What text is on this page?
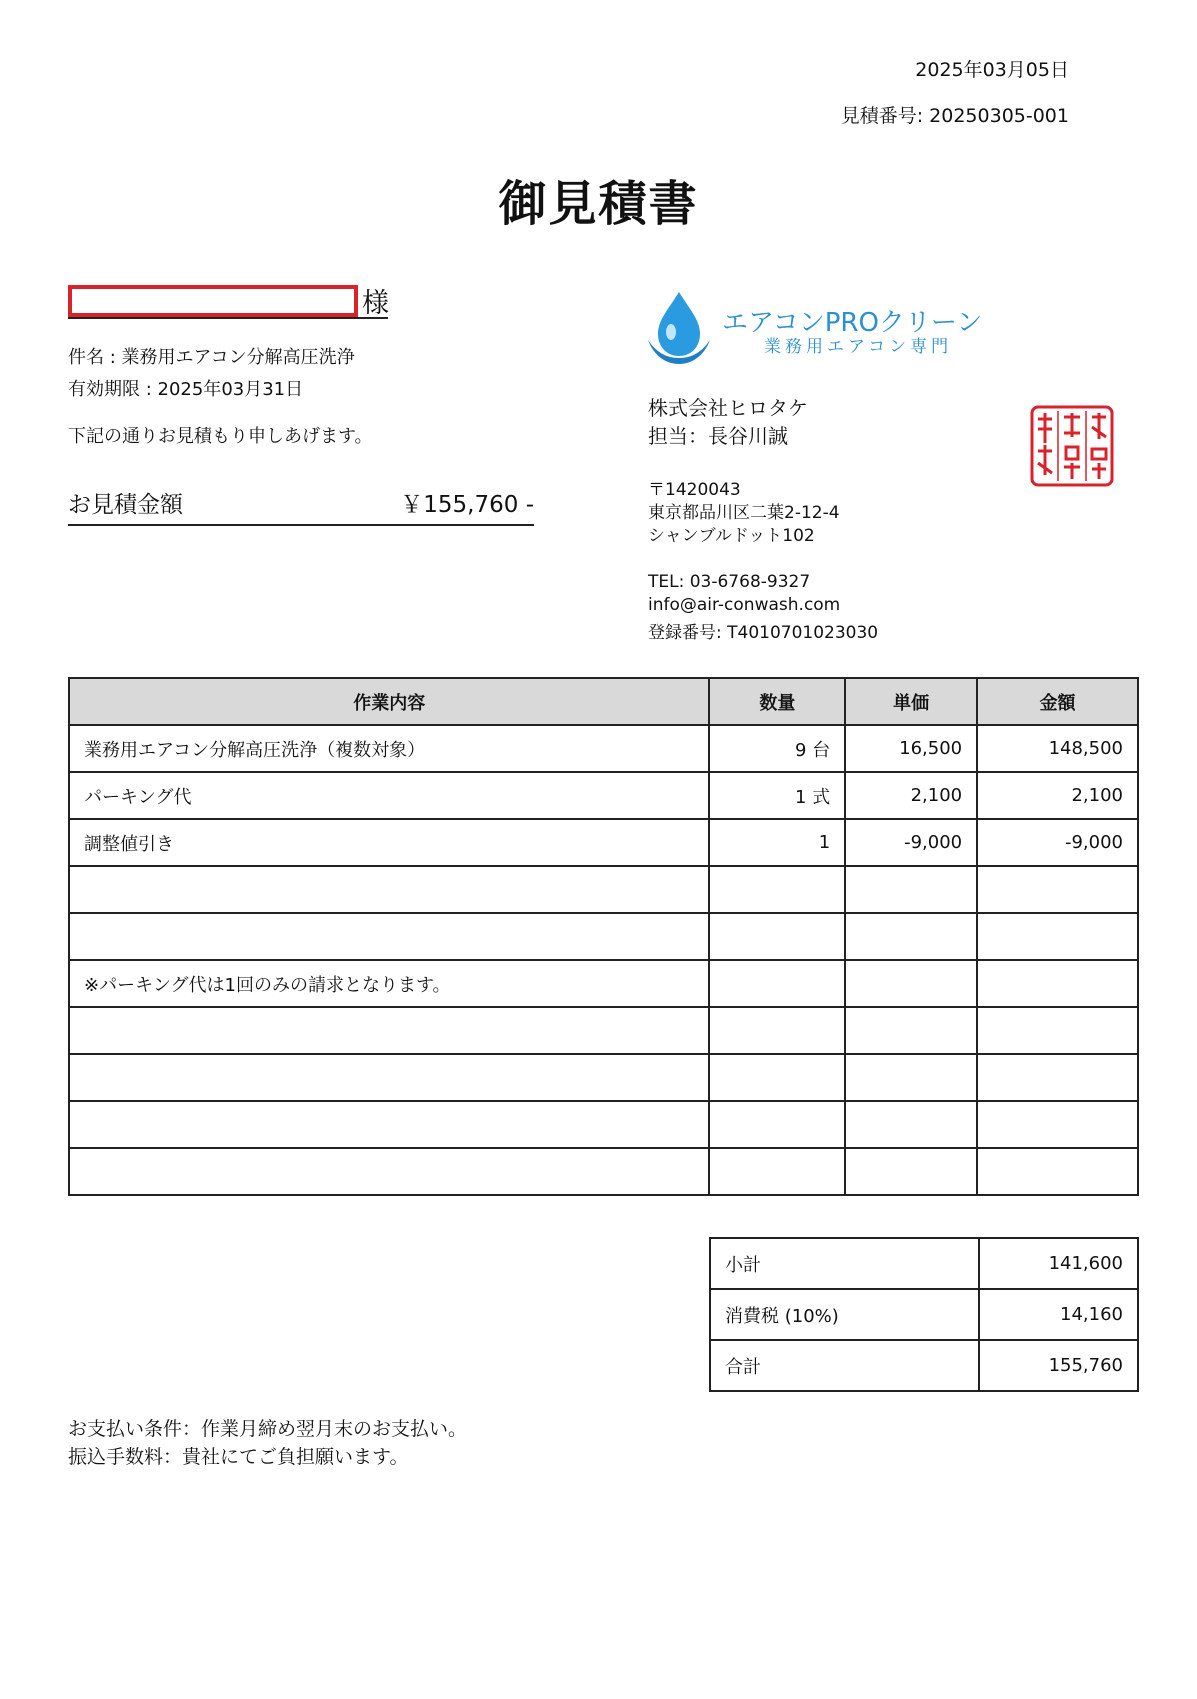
2025年03月05日
見積番号: 20250305-001
御見積書
様
件名 : 業務用エアコン分解高圧洗浄
有効期限 : 2025年03月31日
下記の通りお見積もり申しあげます。
お見積金額	￥155,760 -
エアコンPROクリーン
業務用エアコン専門
株式会社ヒロタケ
担当：長谷川誠
〒1420043
東京都品川区二葉2-12-4
シャンブルドット102
TEL: 03-6768-9327
info@air-conwash.com
登録番号: T4010701023030
作業内容	数量	単価	金額
業務用エアコン分解高圧洗浄（複数対象）	9 台	16,500	148,500
パーキング代	1 式	2,100	2,100
調整値引き	1	-9,000	-9,000

※パーキング代は1回のみの請求となります。			

小計	141,600
消費税 (10%)	14,160
合計	155,760
お支払い条件：作業月締め翌月末のお支払い。
振込手数料：貴社にてご負担願います。
